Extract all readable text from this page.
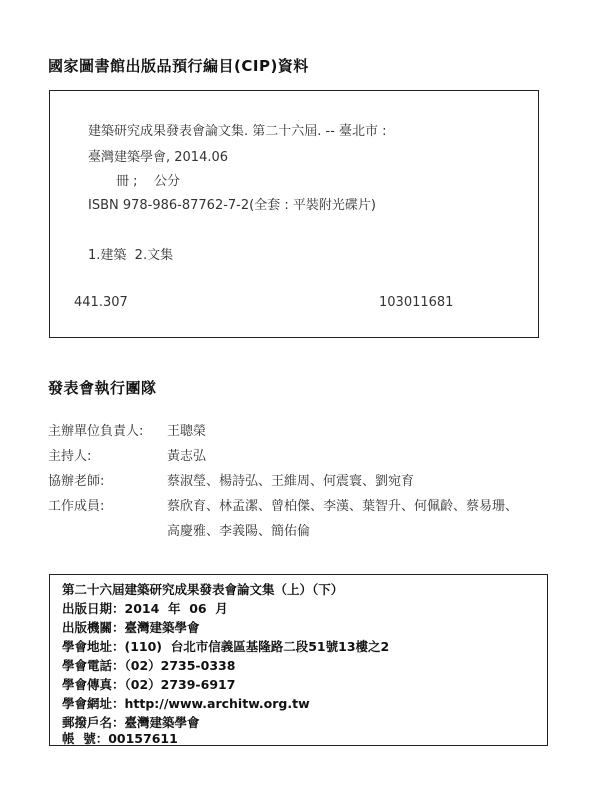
國家圖書館出版品預行編目(CIP)資料
建築研究成果發表會論文集. 第二十六屆. -- 臺北市 :
臺灣建築學會, 2014.06
冊 ;    公分
ISBN 978-986-87762-7-2(全套 : 平裝附光碟片)
1.建築  2.文集
441.307	103011681
發表會執行團隊
主辦單位負責人: 王聰榮
主持人:	黃志弘
協辦老師:	蔡淑瑩、楊詩弘、王維周、何震寰、劉宛育
工作成員:	蔡欣育、林孟潔、曾柏傑、李漢、葉智升、何佩齡、蔡易珊、
高慶雅、李義陽、簡佑倫
第二十六屆建築研究成果發表會論文集（上）（下）
出版日期：2014  年  06  月
出版機關：臺灣建築學會
學會地址：(110)  台北市信義區基隆路二段51號13樓之2
學會電話：（02）2735-0338
學會傳真：（02）2739-6917
學會網址：http://www.architw.org.tw
郵撥戶名：臺灣建築學會
帳  號：00157611
